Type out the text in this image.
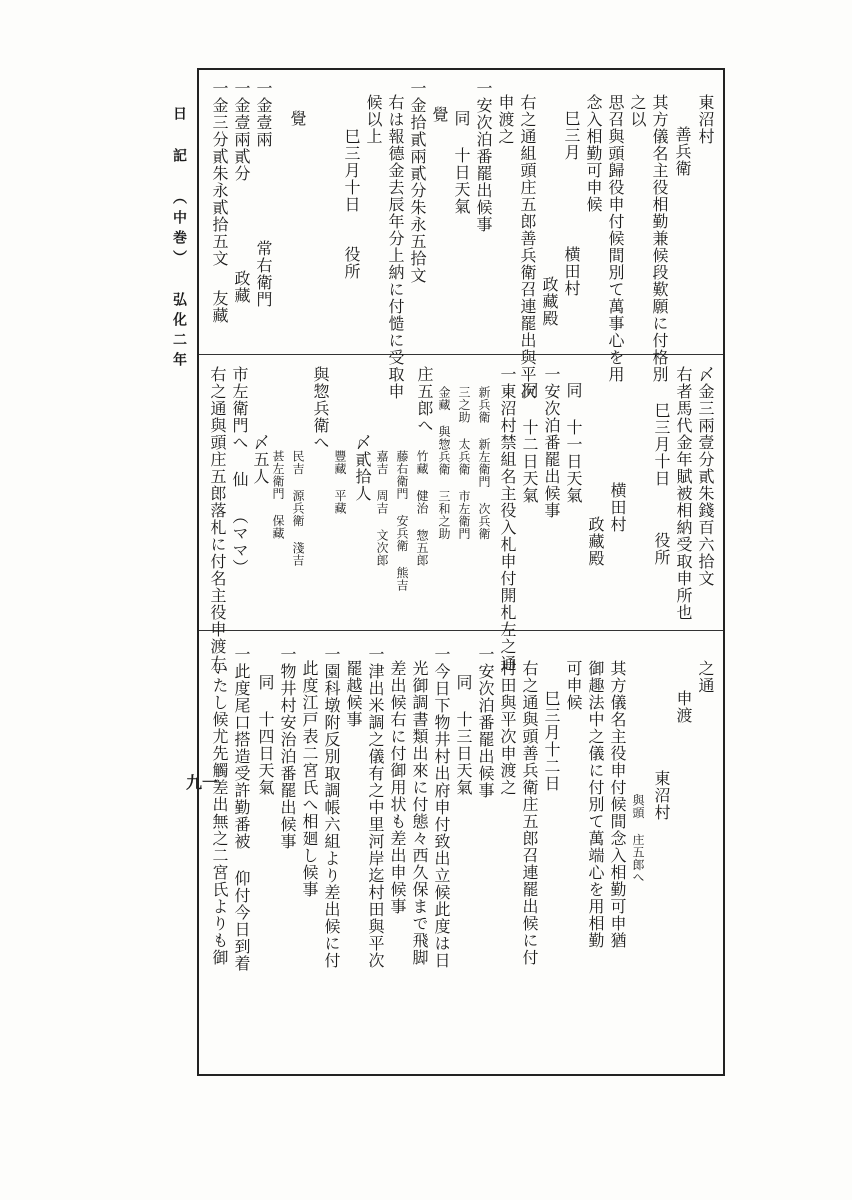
日 記 （中巻） 弘化二年
九一
東沼村
善兵衛
其方儀名主役相勤兼候段歎願に付格別
之以
思召與頭歸役申付候間別て萬事心を用
念入相勤可申候
巳三月
横田村
政藏殿
右之通組頭庄五郎善兵衛召連罷出與平次
申渡之
一安次泊番罷出候事
同 十日天氣
覺
一金拾貳兩貳分朱永五拾文
右は報德金去辰年分上納に付慥に受取申
候以上
巳三月十日
役所
覺
一金壹兩
常右衛門
一金壹兩貳分
政藏
一金三分貳朱永貳拾五文
友藏
〆金三兩壹分貳朱錢百六拾文
右者馬代金年賦被相納受取申所也
巳三月十日
役所
横田村
政藏殿
同 十一日天氣
一安次泊番罷出候事
同 十二日天氣
一東沼村禁組名主役入札申付開札左之通
新兵衛 新左衛門 次兵衛
三之助 太兵衛 市左衛門
金藏 與惣兵衛 三和之助
庄五郎へ
竹藏 健治 惣五郎
藤右衛門 安兵衛 熊吉
嘉吉 周吉 文次郎
〆貳拾人
豐藏 平藏
與惣兵衛へ
民吉 源兵衛 淺吉
甚左衛門 保藏
〆五人
市左衛門へ 仙 （ママ）
右之通與頭庄五郎落札に付名主役申渡左
之通
申渡
東沼村
與頭 庄五郎へ
其方儀名主役申付候間念入相勤可申猶
御趣法中之儀に付別て萬端心を用相勤
可申候
巳三月十二日
右之通與頭善兵衛庄五郎召連罷出候に付
村田與平次申渡之
一安次泊番罷出候事
同 十三日天氣
一今日下物井村出府申付致出立候此度は日
光御調書類出來に付態々西久保まで飛脚
差出候右に付御用状も差出申候事
一津出米調之儀有之中里河岸迄村田與平次
罷越候事
一園科墩附反別取調帳六組より差出候に付
此度江戸表二宮氏へ相廻し候事
一物井村安治泊番罷出候事
同 十四日天氣
一此度尾口搭造受許勤番被 仰付今日到着
いたし候尤先觸差出無之二宮氏よりも御
